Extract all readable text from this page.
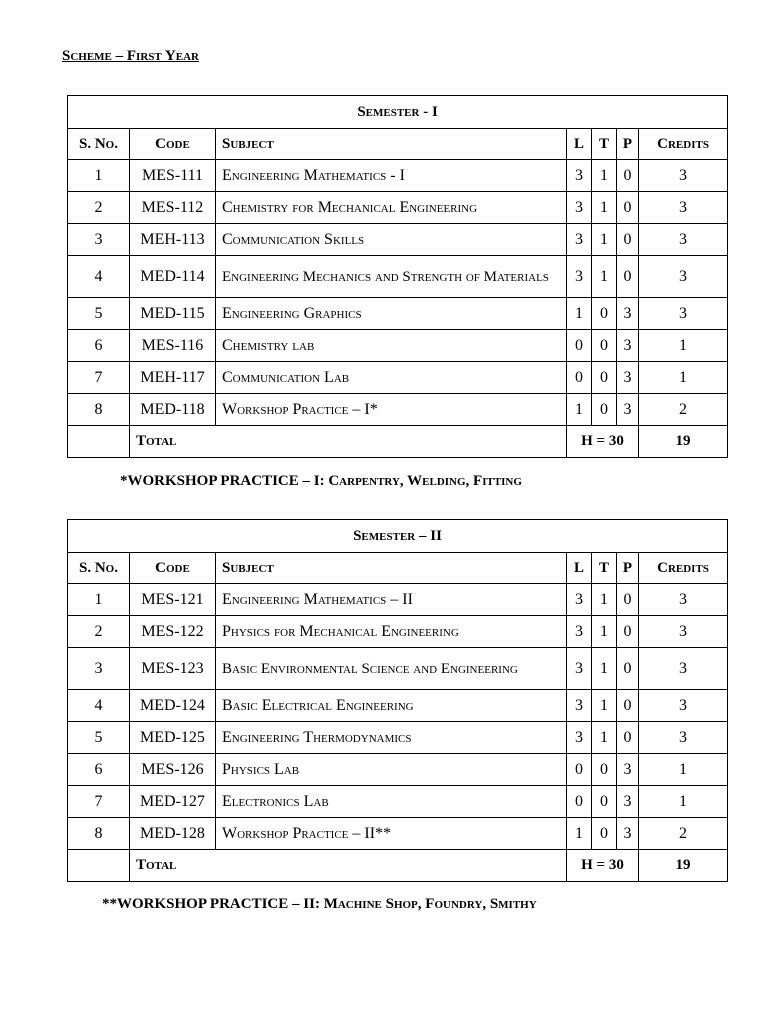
Scheme – First Year
Semester - I						
S. No.	Code	Subject	L	T	P	Credits
1	MES-111	Engineering Mathematics - I	3	1	0	3
2	MES-112	Chemistry for Mechanical Engineering	3	1	0	3
3	MEH-113	Communication Skills	3	1	0	3
4	MED-114	Engineering Mechanics and Strength of Materials	3	1	0	3
5	MED-115	Engineering Graphics	1	0	3	3
6	MES-116	Chemistry lab	0	0	3	1
7	MEH-117	Communication Lab	0	0	3	1
8	MED-118	Workshop Practice – I*	1	0	3	2
	Total		H = 30			19
*WORKSHOP PRACTICE – I: Carpentry, Welding, Fitting
Semester – II						
S. No.	Code	Subject	L	T	P	Credits
1	MES-121	Engineering Mathematics – II	3	1	0	3
2	MES-122	Physics for Mechanical Engineering	3	1	0	3
3	MES-123	Basic Environmental Science and Engineering	3	1	0	3
4	MED-124	Basic Electrical Engineering	3	1	0	3
5	MED-125	Engineering Thermodynamics	3	1	0	3
6	MES-126	Physics Lab	0	0	3	1
7	MED-127	Electronics Lab	0	0	3	1
8	MED-128	Workshop Practice – II**	1	0	3	2
	Total		H = 30			19
**WORKSHOP PRACTICE – II: Machine Shop, Foundry, Smithy
